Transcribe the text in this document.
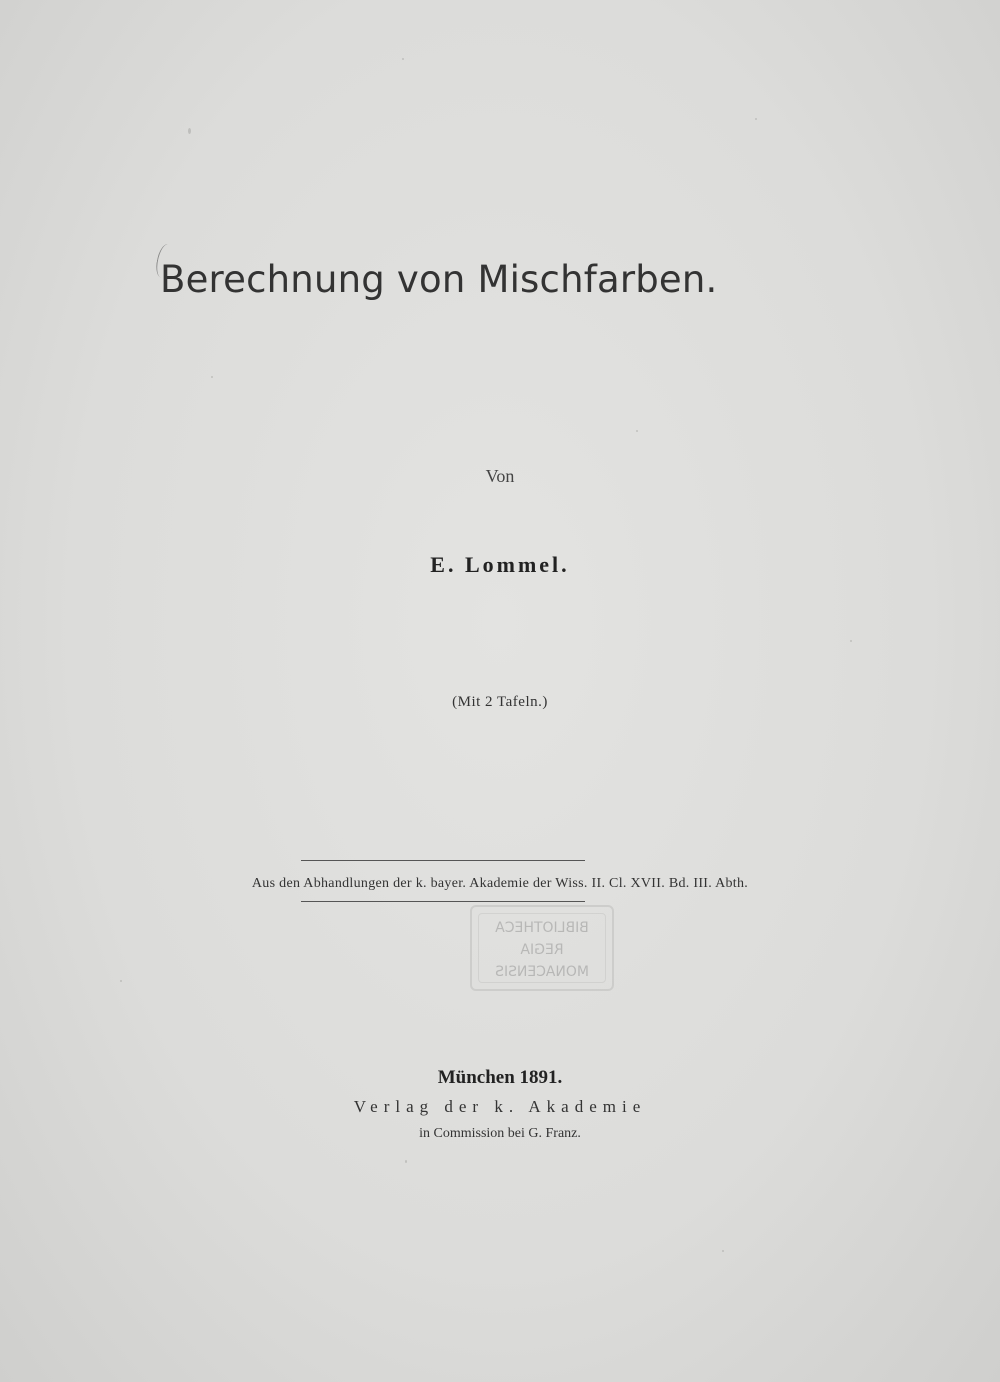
Berechnung von Mischfarben.
Von
E. Lommel.
(Mit 2 Tafeln.)
Aus den Abhandlungen der k. bayer. Akademie der Wiss. II. Cl. XVII. Bd. III. Abth.
BIBLIOTHECA
REGIA
MONACENSIS
München 1891.
Verlag der k. Akademie
in Commission bei G. Franz.
